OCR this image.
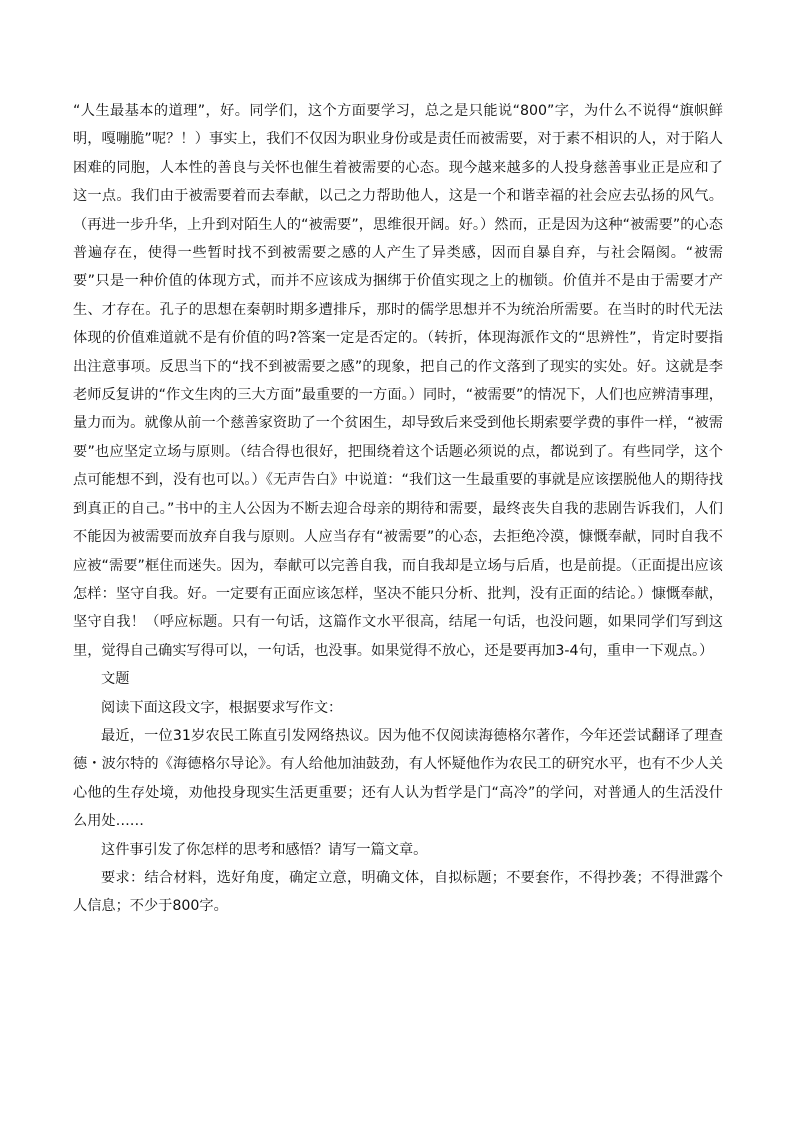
“人生最基本的道理”，好。同学们，这个方面要学习，总之是只能说“800”字，为什么不说得“旗帜鲜明，嘎嘣脆”呢？！）事实上，我们不仅因为职业身份或是责任而被需要，对于素不相识的人，对于陷人困难的同胞，人本性的善良与关怀也催生着被需要的心态。现今越来越多的人投身慈善事业正是应和了这一点。我们由于被需要着而去奉献，以己之力帮助他人，这是一个和谐幸福的社会应去弘扬的风气。（再进一步升华，上升到对陌生人的“被需要”，思维很开阔。好。）然而，正是因为这种“被需要”的心态普遍存在，使得一些暂时找不到被需要之感的人产生了异类感，因而自暴自弃，与社会隔阂。“被需要”只是一种价值的体现方式，而并不应该成为捆绑于价值实现之上的枷锁。价值并不是由于需要才产生、才存在。孔子的思想在秦朝时期多遭排斥，那时的儒学思想并不为统治所需要。在当时的时代无法体现的价值难道就不是有价值的吗?答案一定是否定的。（转折，体现海派作文的“思辨性”，肯定时要指出注意事项。反思当下的“找不到被需要之感”的现象，把自己的作文落到了现实的实处。好。这就是李老师反复讲的“作文生肉的三大方面”最重要的一方面。）同时，“被需要”的情况下，人们也应辨清事理，量力而为。就像从前一个慈善家资助了一个贫困生，却导致后来受到他长期索要学费的事件一样，“被需要”也应坚定立场与原则。（结合得也很好，把围绕着这个话题必须说的点，都说到了。有些同学，这个点可能想不到，没有也可以。）《无声告白》中说道：“我们这一生最重要的事就是应该摆脱他人的期待找到真正的自己。”书中的主人公因为不断去迎合母亲的期待和需要，最终丧失自我的悲剧告诉我们，人们不能因为被需要而放弃自我与原则。人应当存有“被需要”的心态，去拒绝冷漠，慷慨奉献，同时自我不应被“需要”框住而迷失。因为，奉献可以完善自我，而自我却是立场与后盾，也是前提。（正面提出应该怎样：坚守自我。好。一定要有正面应该怎样，坚决不能只分析、批判，没有正面的结论。）慷慨奉献，坚守自我！（呼应标题。只有一句话，这篇作文水平很高，结尾一句话，也没问题，如果同学们写到这里，觉得自己确实写得可以，一句话，也没事。如果觉得不放心，还是要再加3-4句，重申一下观点。）

文题

阅读下面这段文字，根据要求写作文：

最近，一位31岁农民工陈直引发网络热议。因为他不仅阅读海德格尔著作，今年还尝试翻译了理查德・波尔特的《海德格尔导论》。有人给他加油鼓劲，有人怀疑他作为农民工的研究水平，也有不少人关心他的生存处境，劝他投身现实生活更重要；还有人认为哲学是门“高冷”的学问，对普通人的生活没什么用处……

这件事引发了你怎样的思考和感悟？请写一篇文章。

要求：结合材料，选好角度，确定立意，明确文体，自拟标题；不要套作，不得抄袭；不得泄露个人信息；不少于800字。
